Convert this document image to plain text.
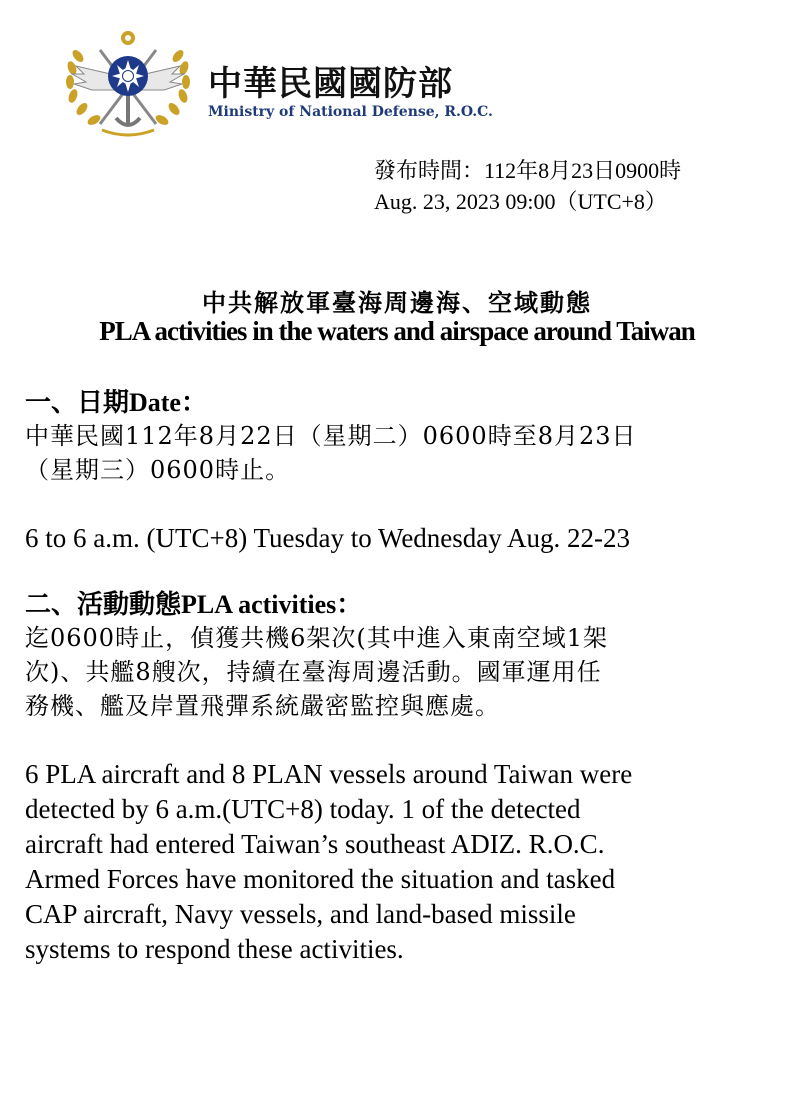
中華民國國防部
Ministry of National Defense, R.O.C.
發布時間：112年8月23日0900時
Aug. 23, 2023 09:00（UTC+8）
中共解放軍臺海周邊海、空域動態
PLA activities in the waters and airspace around Taiwan
一、日期Date：
中華民國112年8月22日（星期二）0600時至8月23日
（星期三）0600時止。
6 to 6 a.m. (UTC+8) Tuesday to Wednesday Aug. 22-23
二、活動動態PLA activities：
迄0600時止，偵獲共機6架次(其中進入東南空域1架
次)、共艦8艘次，持續在臺海周邊活動。國軍運用任
務機、艦及岸置飛彈系統嚴密監控與應處。
6 PLA aircraft and 8 PLAN vessels around Taiwan were
detected by 6 a.m.(UTC+8) today. 1 of the detected
aircraft had entered Taiwan’s southeast ADIZ. R.O.C.
Armed Forces have monitored the situation and tasked
CAP aircraft, Navy vessels, and land-based missile
systems to respond these activities.
